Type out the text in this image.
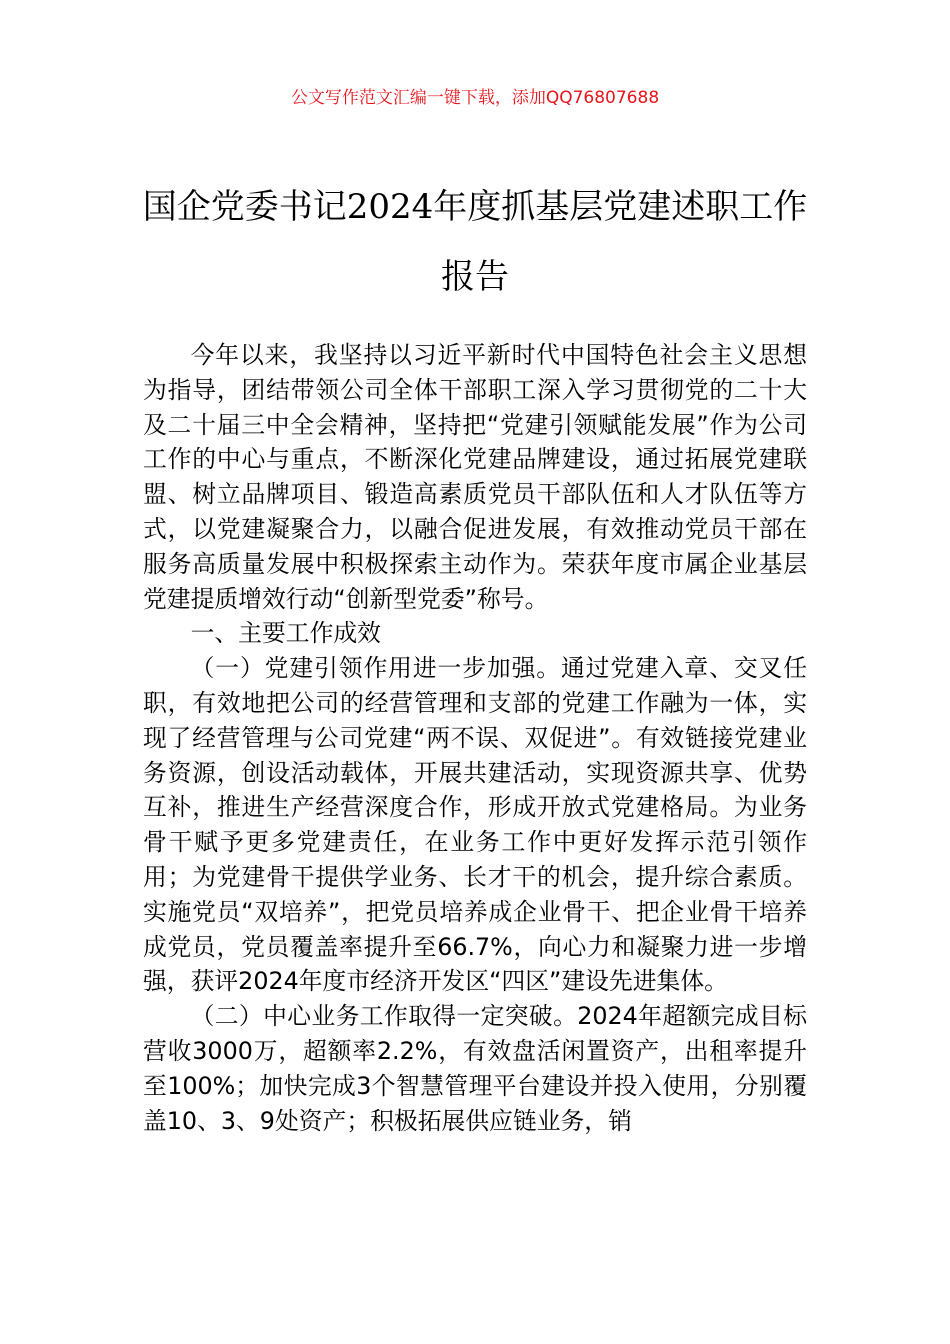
公文写作范文汇编一键下载，添加QQ76807688
国企党委书记2024年度抓基层党建述职工作报告

今年以来，我坚持以习近平新时代中国特色社会主义思想为指导，团结带领公司全体干部职工深入学习贯彻党的二十大及二十届三中全会精神，坚持把“党建引领赋能发展”作为公司工作的中心与重点，不断深化党建品牌建设，通过拓展党建联盟、树立品牌项目、锻造高素质党员干部队伍和人才队伍等方式，以党建凝聚合力，以融合促进发展，有效推动党员干部在服务高质量发展中积极探索主动作为。荣获年度市属企业基层党建提质增效行动“创新型党委”称号。

一、主要工作成效

（一）党建引领作用进一步加强。通过党建入章、交叉任职，有效地把公司的经营管理和支部的党建工作融为一体，实现了经营管理与公司党建“两不误、双促进”。有效链接党建业务资源，创设活动载体，开展共建活动，实现资源共享、优势互补，推进生产经营深度合作，形成开放式党建格局。为业务骨干赋予更多党建责任，在业务工作中更好发挥示范引领作用；为党建骨干提供学业务、长才干的机会，提升综合素质。实施党员“双培养”，把党员培养成企业骨干、把企业骨干培养成党员，党员覆盖率提升至66.7%，向心力和凝聚力进一步增强，获评2024年度市经济开发区“四区”建设先进集体。

（二）中心业务工作取得一定突破。2024年超额完成目标营收3000万，超额率2.2%，有效盘活闲置资产，出租率提升至100%；加快完成3个智慧管理平台建设并投入使用，分别覆盖10、3、9处资产；积极拓展供应链业务，销
